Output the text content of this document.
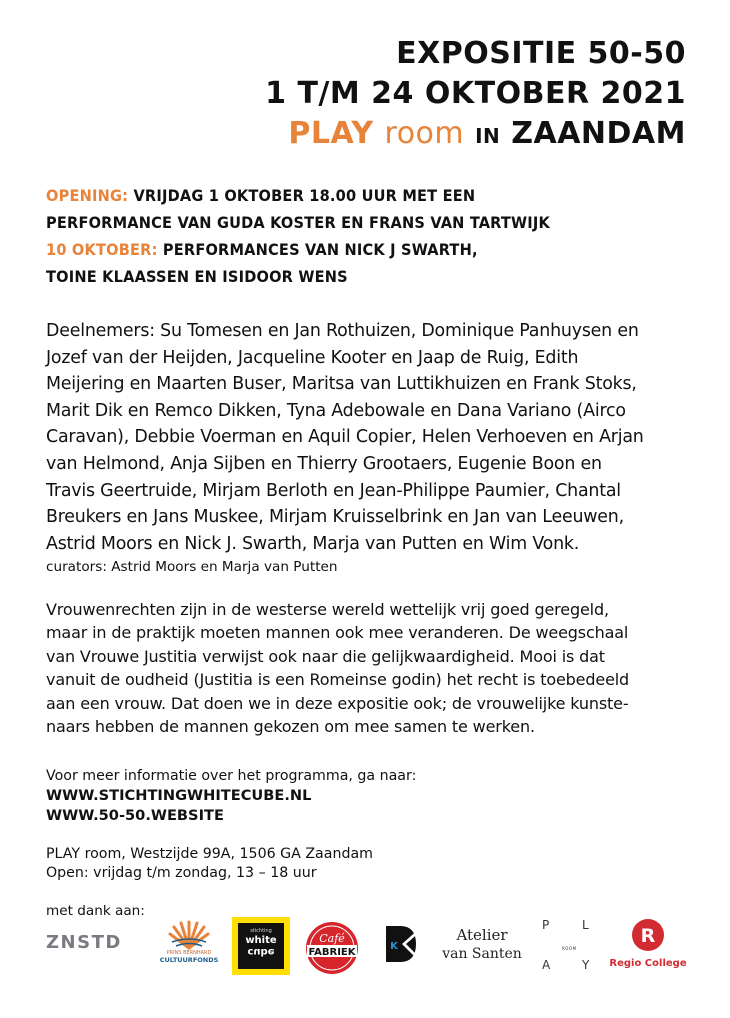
EXPOSITIE 50-50
1 T/M 24 OKTOBER 2021
PLAY room IN ZAANDAM
OPENING: VRIJDAG 1 OKTOBER 18.00 UUR MET EEN
PERFORMANCE VAN GUDA KOSTER EN FRANS VAN TARTWIJK
10 OKTOBER: PERFORMANCES VAN NICK J SWARTH,
TOINE KLAASSEN EN ISIDOOR WENS
Deelnemers: Su Tomesen en Jan Rothuizen, Dominique Panhuysen en
Jozef van der Heijden, Jacqueline Kooter en Jaap de Ruig, Edith
Meijering en Maarten Buser, Maritsa van Luttikhuizen en Frank Stoks,
Marit Dik en Remco Dikken, Tyna Adebowale en Dana Variano (Airco
Caravan), Debbie Voerman en Aquil Copier, Helen Verhoeven en Arjan
van Helmond, Anja Sijben en Thierry Grootaers, Eugenie Boon en
Travis Geertruide, Mirjam Berloth en Jean-Philippe Paumier, Chantal
Breukers en Jans Muskee, Mirjam Kruisselbrink en Jan van Leeuwen,
Astrid Moors en Nick J. Swarth, Marja van Putten en Wim Vonk.
curators: Astrid Moors en Marja van Putten
Vrouwenrechten zijn in de westerse wereld wettelijk vrij goed geregeld,
maar in de praktijk moeten mannen ook mee veranderen. De weegschaal
van Vrouwe Justitia verwijst ook naar die gelijkwaardigheid. Mooi is dat
vanuit de oudheid (Justitia is een Romeinse godin) het recht is toebedeeld
aan een vrouw. Dat doen we in deze expositie ook; de vrouwelijke kunste-
naars hebben de mannen gekozen om mee samen te werken.
Voor meer informatie over het programma, ga naar:
WWW.STICHTINGWHITECUBE.NL
WWW.50-50.WEBSITE
PLAY room, Westzijde 99A, 1506 GA Zaandam
Open: vrijdag t/m zondag, 13 – 18 uur
met dank aan:
ZNSTD	PRINS BERNHARD
CULTUURFONDS
stichting
white
cube
Café
FABRIEK
K
Atelier
van Santen
P	L
ROOM
A	Y
R
Regio College
